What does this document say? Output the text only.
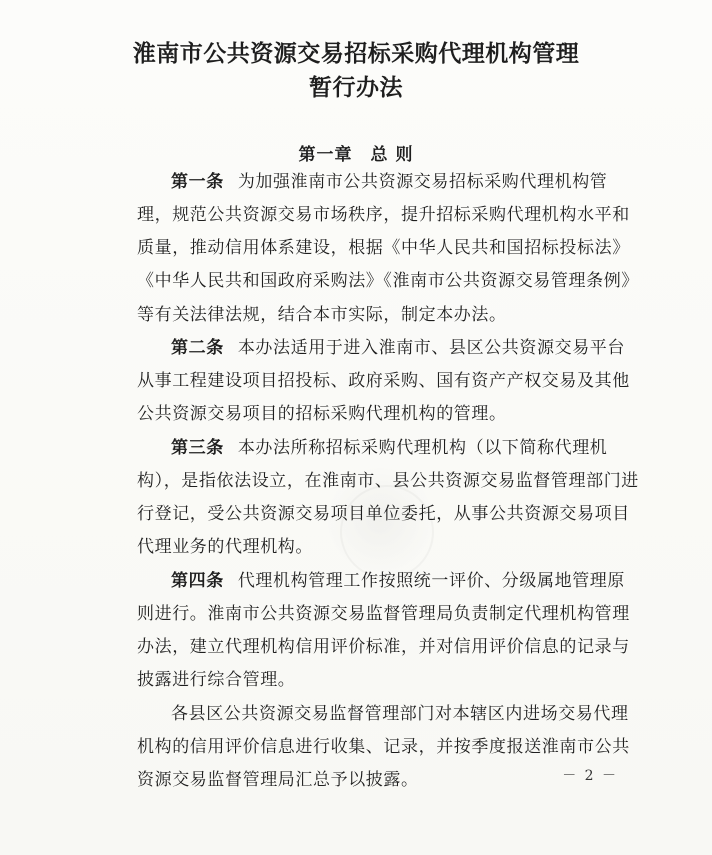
淮南市公共资源交易招标采购代理机构管理
暂行办法
第一章 总 则
第一条 为加强淮南市公共资源交易招标采购代理机构管
理，规范公共资源交易市场秩序，提升招标采购代理机构水平和
质量，推动信用体系建设，根据《中华人民共和国招标投标法》
《中华人民共和国政府采购法》《淮南市公共资源交易管理条例》
等有关法律法规，结合本市实际，制定本办法。
第二条 本办法适用于进入淮南市、县区公共资源交易平台
从事工程建设项目招投标、政府采购、国有资产产权交易及其他
公共资源交易项目的招标采购代理机构的管理。
第三条 本办法所称招标采购代理机构（以下简称代理机
构），是指依法设立，在淮南市、县公共资源交易监督管理部门进
行登记，受公共资源交易项目单位委托，从事公共资源交易项目
代理业务的代理机构。
第四条 代理机构管理工作按照统一评价、分级属地管理原
则进行。淮南市公共资源交易监督管理局负责制定代理机构管理
办法，建立代理机构信用评价标准，并对信用评价信息的记录与
披露进行综合管理。
各县区公共资源交易监督管理部门对本辖区内进场交易代理
机构的信用评价信息进行收集、记录，并按季度报送淮南市公共
资源交易监督管理局汇总予以披露。	－ 2 －
